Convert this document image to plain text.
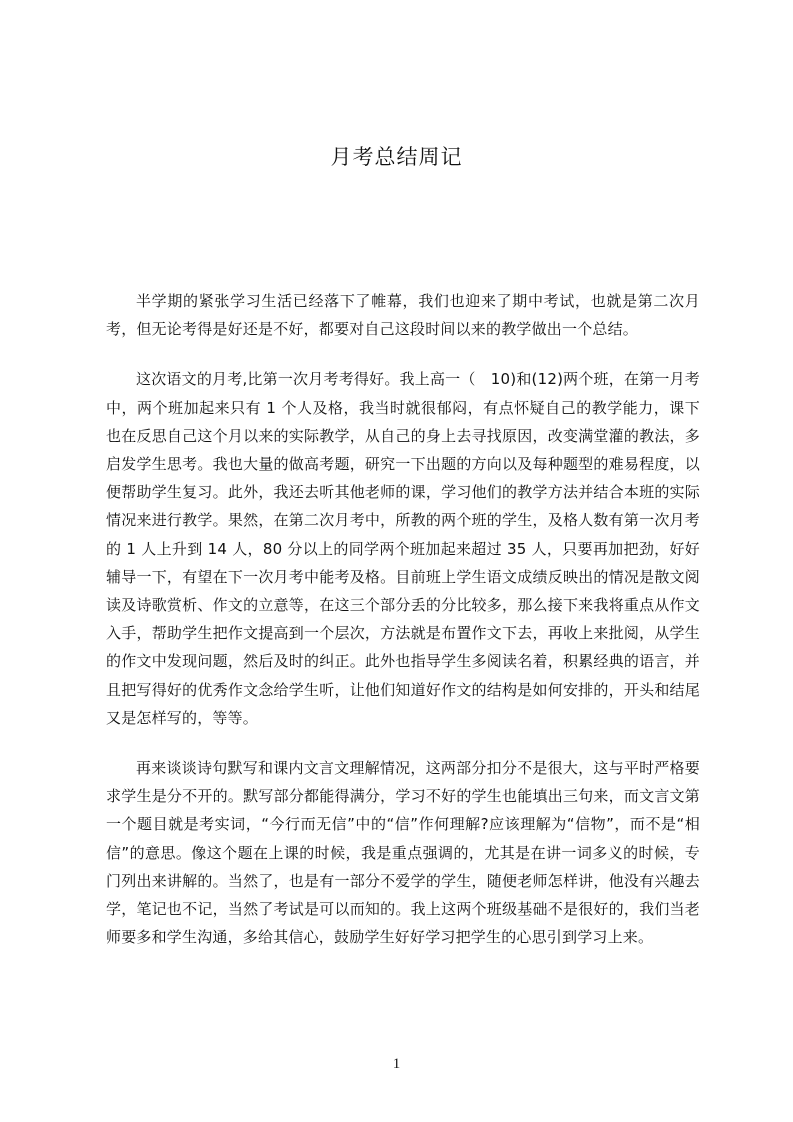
月考总结周记

半学期的紧张学习生活已经落下了帷幕，我们也迎来了期中考试，也就是第二次月考，但无论考得是好还是不好，都要对自己这段时间以来的教学做出一个总结。

这次语文的月考,比第一次月考考得好。我上高一（　10)和(12)两个班，在第一月考中，两个班加起来只有 1 个人及格，我当时就很郁闷，有点怀疑自己的教学能力，课下也在反思自己这个月以来的实际教学，从自己的身上去寻找原因，改变满堂灌的教法，多启发学生思考。我也大量的做高考题，研究一下出题的方向以及每种题型的难易程度，以便帮助学生复习。此外，我还去听其他老师的课，学习他们的教学方法并结合本班的实际情况来进行教学。果然，在第二次月考中，所教的两个班的学生，及格人数有第一次月考的 1 人上升到 14 人，80 分以上的同学两个班加起来超过 35 人，只要再加把劲，好好辅导一下，有望在下一次月考中能考及格。目前班上学生语文成绩反映出的情况是散文阅读及诗歌赏析、作文的立意等，在这三个部分丢的分比较多，那么接下来我将重点从作文入手，帮助学生把作文提高到一个层次，方法就是布置作文下去，再收上来批阅，从学生的作文中发现问题，然后及时的纠正。此外也指导学生多阅读名着，积累经典的语言，并且把写得好的优秀作文念给学生听，让他们知道好作文的结构是如何安排的，开头和结尾又是怎样写的，等等。

再来谈谈诗句默写和课内文言文理解情况，这两部分扣分不是很大，这与平时严格要求学生是分不开的。默写部分都能得满分，学习不好的学生也能填出三句来，而文言文第一个题目就是考实词，“今行而无信”中的“信”作何理解?应该理解为“信物”，而不是“相信”的意思。像这个题在上课的时候，我是重点强调的，尤其是在讲一词多义的时候，专门列出来讲解的。当然了，也是有一部分不爱学的学生，随便老师怎样讲，他没有兴趣去学，笔记也不记，当然了考试是可以而知的。我上这两个班级基础不是很好的，我们当老师要多和学生沟通，多给其信心，鼓励学生好好学习把学生的心思引到学习上来。

1
